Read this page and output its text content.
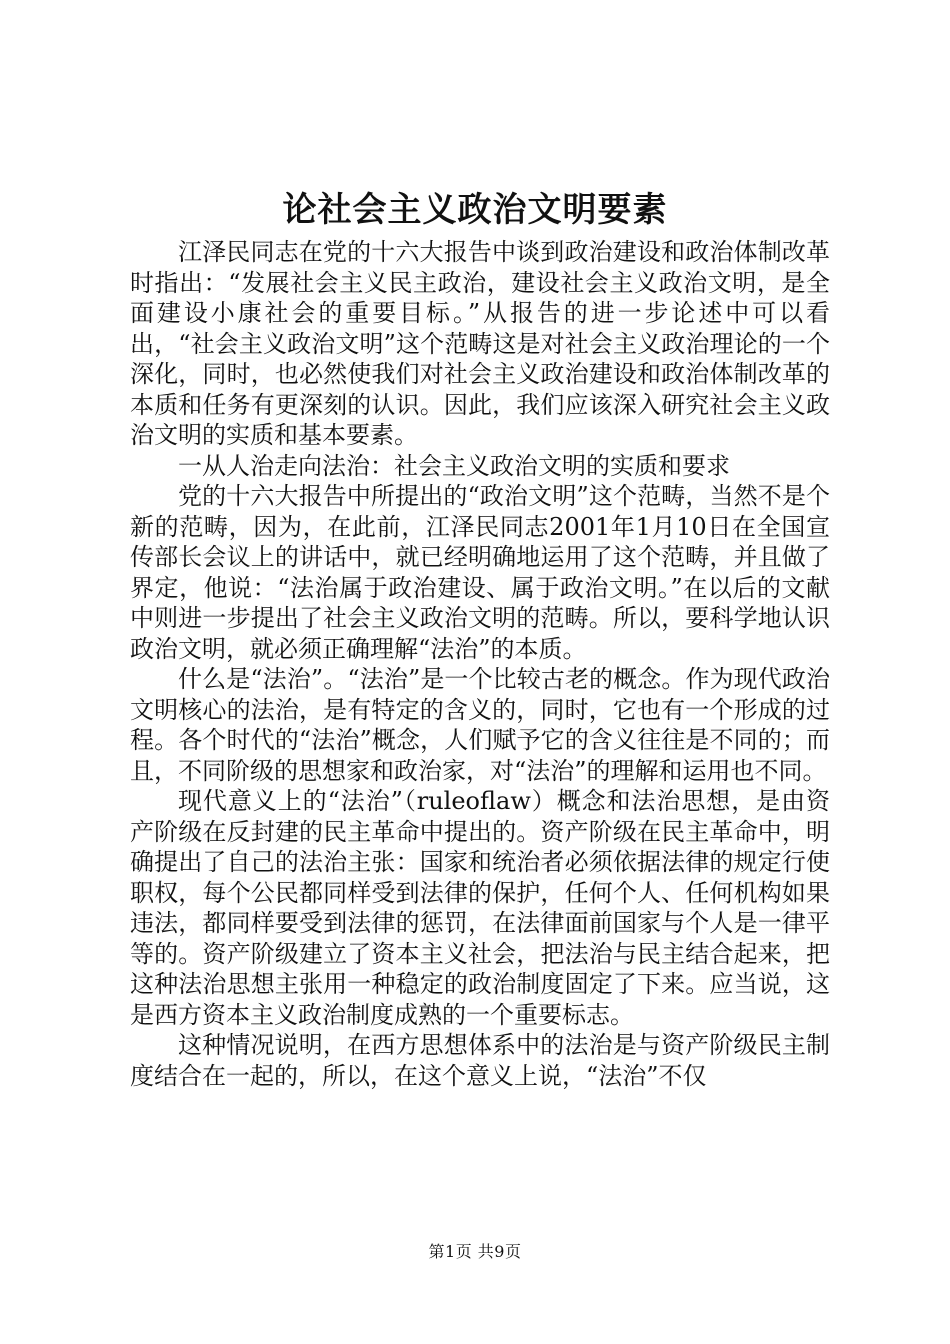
论社会主义政治文明要素

江泽民同志在党的十六大报告中谈到政治建设和政治体制改革时指出：“发展社会主义民主政治，建设社会主义政治文明，是全面建设小康社会的重要目标。”从报告的进一步论述中可以看出，“社会主义政治文明”这个范畴这是对社会主义政治理论的一个深化，同时，也必然使我们对社会主义政治建设和政治体制改革的本质和任务有更深刻的认识。因此，我们应该深入研究社会主义政治文明的实质和基本要素。

一从人治走向法治：社会主义政治文明的实质和要求

党的十六大报告中所提出的“政治文明”这个范畴，当然不是个新的范畴，因为，在此前，江泽民同志2001年1月10日在全国宣传部长会议上的讲话中，就已经明确地运用了这个范畴，并且做了界定，他说：“法治属于政治建设、属于政治文明。”在以后的文献中则进一步提出了社会主义政治文明的范畴。所以，要科学地认识政治文明，就必须正确理解“法治”的本质。

什么是“法治”。“法治”是一个比较古老的概念。作为现代政治文明核心的法治，是有特定的含义的，同时，它也有一个形成的过程。各个时代的“法治”概念，人们赋予它的含义往往是不同的；而且，不同阶级的思想家和政治家，对“法治”的理解和运用也不同。

现代意义上的“法治”（ruleoflaw）概念和法治思想，是由资产阶级在反封建的民主革命中提出的。资产阶级在民主革命中，明确提出了自己的法治主张：国家和统治者必须依据法律的规定行使职权，每个公民都同样受到法律的保护，任何个人、任何机构如果违法，都同样要受到法律的惩罚，在法律面前国家与个人是一律平等的。资产阶级建立了资本主义社会，把法治与民主结合起来，把这种法治思想主张用一种稳定的政治制度固定了下来。应当说，这是西方资本主义政治制度成熟的一个重要标志。

这种情况说明，在西方思想体系中的法治是与资产阶级民主制度结合在一起的，所以，在这个意义上说，“法治”不仅

第1页 共9页
